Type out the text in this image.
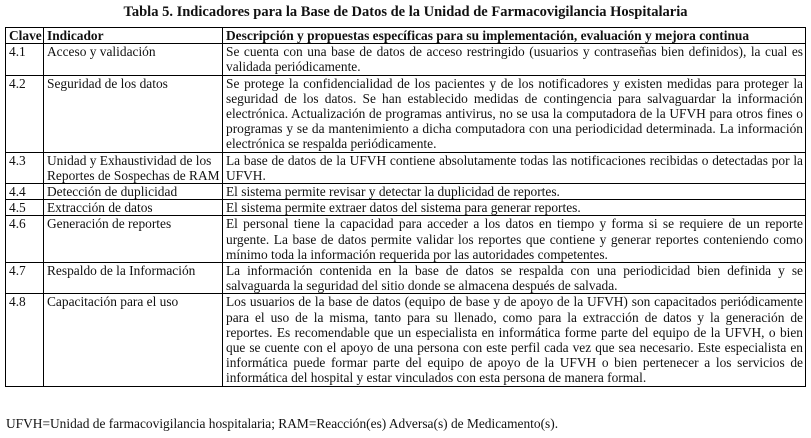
Tabla 5. Indicadores para la Base de Datos de la Unidad de Farmacovigilancia Hospitalaria
Clave	Indicador	Descripción y propuestas específicas para su implementación, evaluación y mejora continua
4.1	Acceso y validación	Se cuenta con una base de datos de acceso restringido (usuarios y contraseñas bien definidos), la cual es validada periódicamente.
4.2	Seguridad de los datos	Se protege la confidencialidad de los pacientes y de los notificadores y existen medidas para proteger la seguridad de los datos. Se han establecido medidas de contingencia para salvaguardar la información electrónica. Actualización de programas antivirus, no se usa la computadora de la UFVH para otros fines o programas y se da mantenimiento a dicha computadora con una periodicidad determinada. La información electrónica se respalda periódicamente.
4.3	Unidad y Exhaustividad de los Reportes de Sospechas de RAM	La base de datos de la UFVH contiene absolutamente todas las notificaciones recibidas o detectadas por la UFVH.
4.4	Detección de duplicidad	El sistema permite revisar y detectar la duplicidad de reportes.
4.5	Extracción de datos	El sistema permite extraer datos del sistema para generar reportes.
4.6	Generación de reportes	El personal tiene la capacidad para acceder a los datos en tiempo y forma si se requiere de un reporte urgente. La base de datos permite validar los reportes que contiene y generar reportes conteniendo como mínimo toda la información requerida por las autoridades competentes.
4.7	Respaldo de la Información	La información contenida en la base de datos se respalda con una periodicidad bien definida y se salvaguarda la seguridad del sitio donde se almacena después de salvada.
4.8	Capacitación para el uso	Los usuarios de la base de datos (equipo de base y de apoyo de la UFVH) son capacitados periódicamente para el uso de la misma, tanto para su llenado, como para la extracción de datos y la generación de reportes. Es recomendable que un especialista en informática forme parte del equipo de la UFVH, o bien que se cuente con el apoyo de una persona con este perfil cada vez que sea necesario. Este especialista en informática puede formar parte del equipo de apoyo de la UFVH o bien pertenecer a los servicios de informática del hospital y estar vinculados con esta persona de manera formal.
UFVH=Unidad de farmacovigilancia hospitalaria; RAM=Reacción(es) Adversa(s) de Medicamento(s).
